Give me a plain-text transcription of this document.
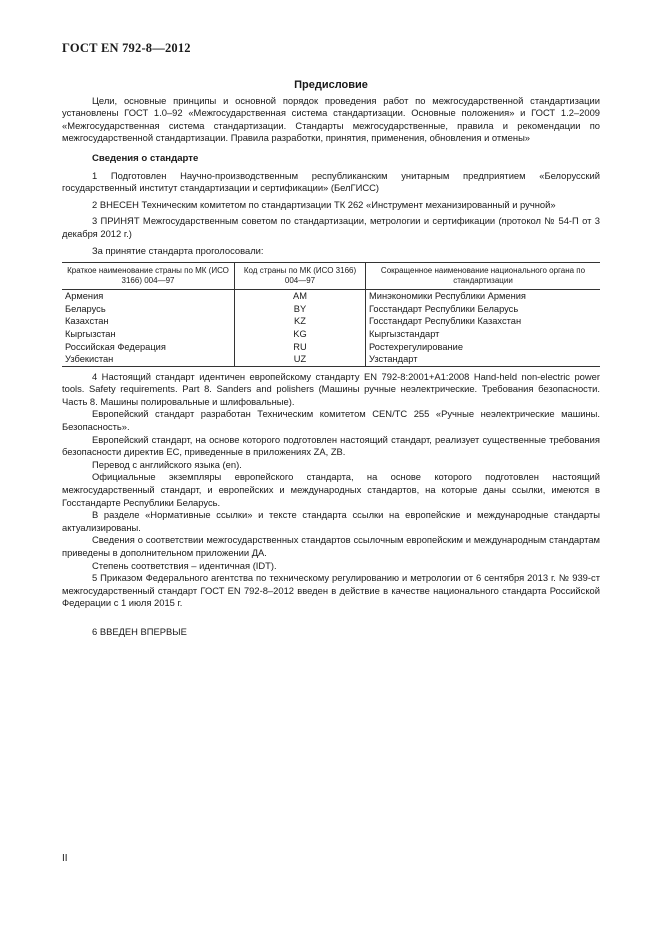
ГОСТ EN 792-8—2012
Предисловие

Цели, основные принципы и основной порядок проведения работ по межгосударственной стандартизации установлены ГОСТ 1.0–92 «Межгосударственная система стандартизации. Основные положения» и ГОСТ 1.2–2009 «Межгосударственная система стандартизации. Стандарты межгосударственные, правила и рекомендации по межгосударственной стандартизации. Правила разработки, принятия, применения, обновления и отмены»

Сведения о стандарте

1 Подготовлен Научно-производственным республиканским унитарным предприятием «Белорусский государственный институт стандартизации и сертификации» (БелГИСС)

2 ВНЕСЕН Техническим комитетом по стандартизации ТК 262 «Инструмент механизированный и ручной»

3 ПРИНЯТ Межгосударственным советом по стандартизации, метрологии и сертификации (протокол № 54-П от 3 декабря 2012 г.)

За принятие стандарта проголосовали:

Краткое наименование страны по МК (ИСО 3166) 004—97	Код страны по МК (ИСО 3166) 004—97	Сокращенное наименование национального органа по стандартизации
Армения	AM	Минэкономики Республики Армения
Беларусь	BY	Госстандарт Республики Беларусь
Казахстан	KZ	Госстандарт Республики Казахстан
Кыргызстан	KG	Кыргызстандарт
Российская Федерация	RU	Ростехрегулирование
Узбекистан	UZ	Узстандарт

4 Настоящий стандарт идентичен европейскому стандарту EN 792-8:2001+A1:2008 Hand-held non-electric power tools. Safety requirements. Part 8. Sanders and polishers (Машины ручные неэлектрические. Требования безопасности. Часть 8. Машины полировальные и шлифовальные).

Европейский стандарт разработан Техническим комитетом CEN/TC 255 «Ручные неэлектрические машины. Безопасность».

Европейский стандарт, на основе которого подготовлен настоящий стандарт, реализует существенные требования безопасности директив ЕС, приведенные в приложениях ZA, ZB.

Перевод с английского языка (en).

Официальные экземпляры европейского стандарта, на основе которого подготовлен настоящий межгосударственный стандарт, и европейских и международных стандартов, на которые даны ссылки, имеются в Госстандарте Республики Беларусь.

В разделе «Нормативные ссылки» и тексте стандарта ссылки на европейские и международные стандарты актуализированы.

Сведения о соответствии межгосударственных стандартов ссылочным европейским и международным стандартам приведены в дополнительном приложении ДА.

Степень соответствия – идентичная (IDT).

5 Приказом Федерального агентства по техническому регулированию и метрологии от 6 сентября 2013 г. № 939-ст межгосударственный стандарт ГОСТ EN 792-8–2012 введен в действие в качестве национального стандарта Российской Федерации с 1 июля 2015 г.

6 ВВЕДЕН ВПЕРВЫЕ

II
